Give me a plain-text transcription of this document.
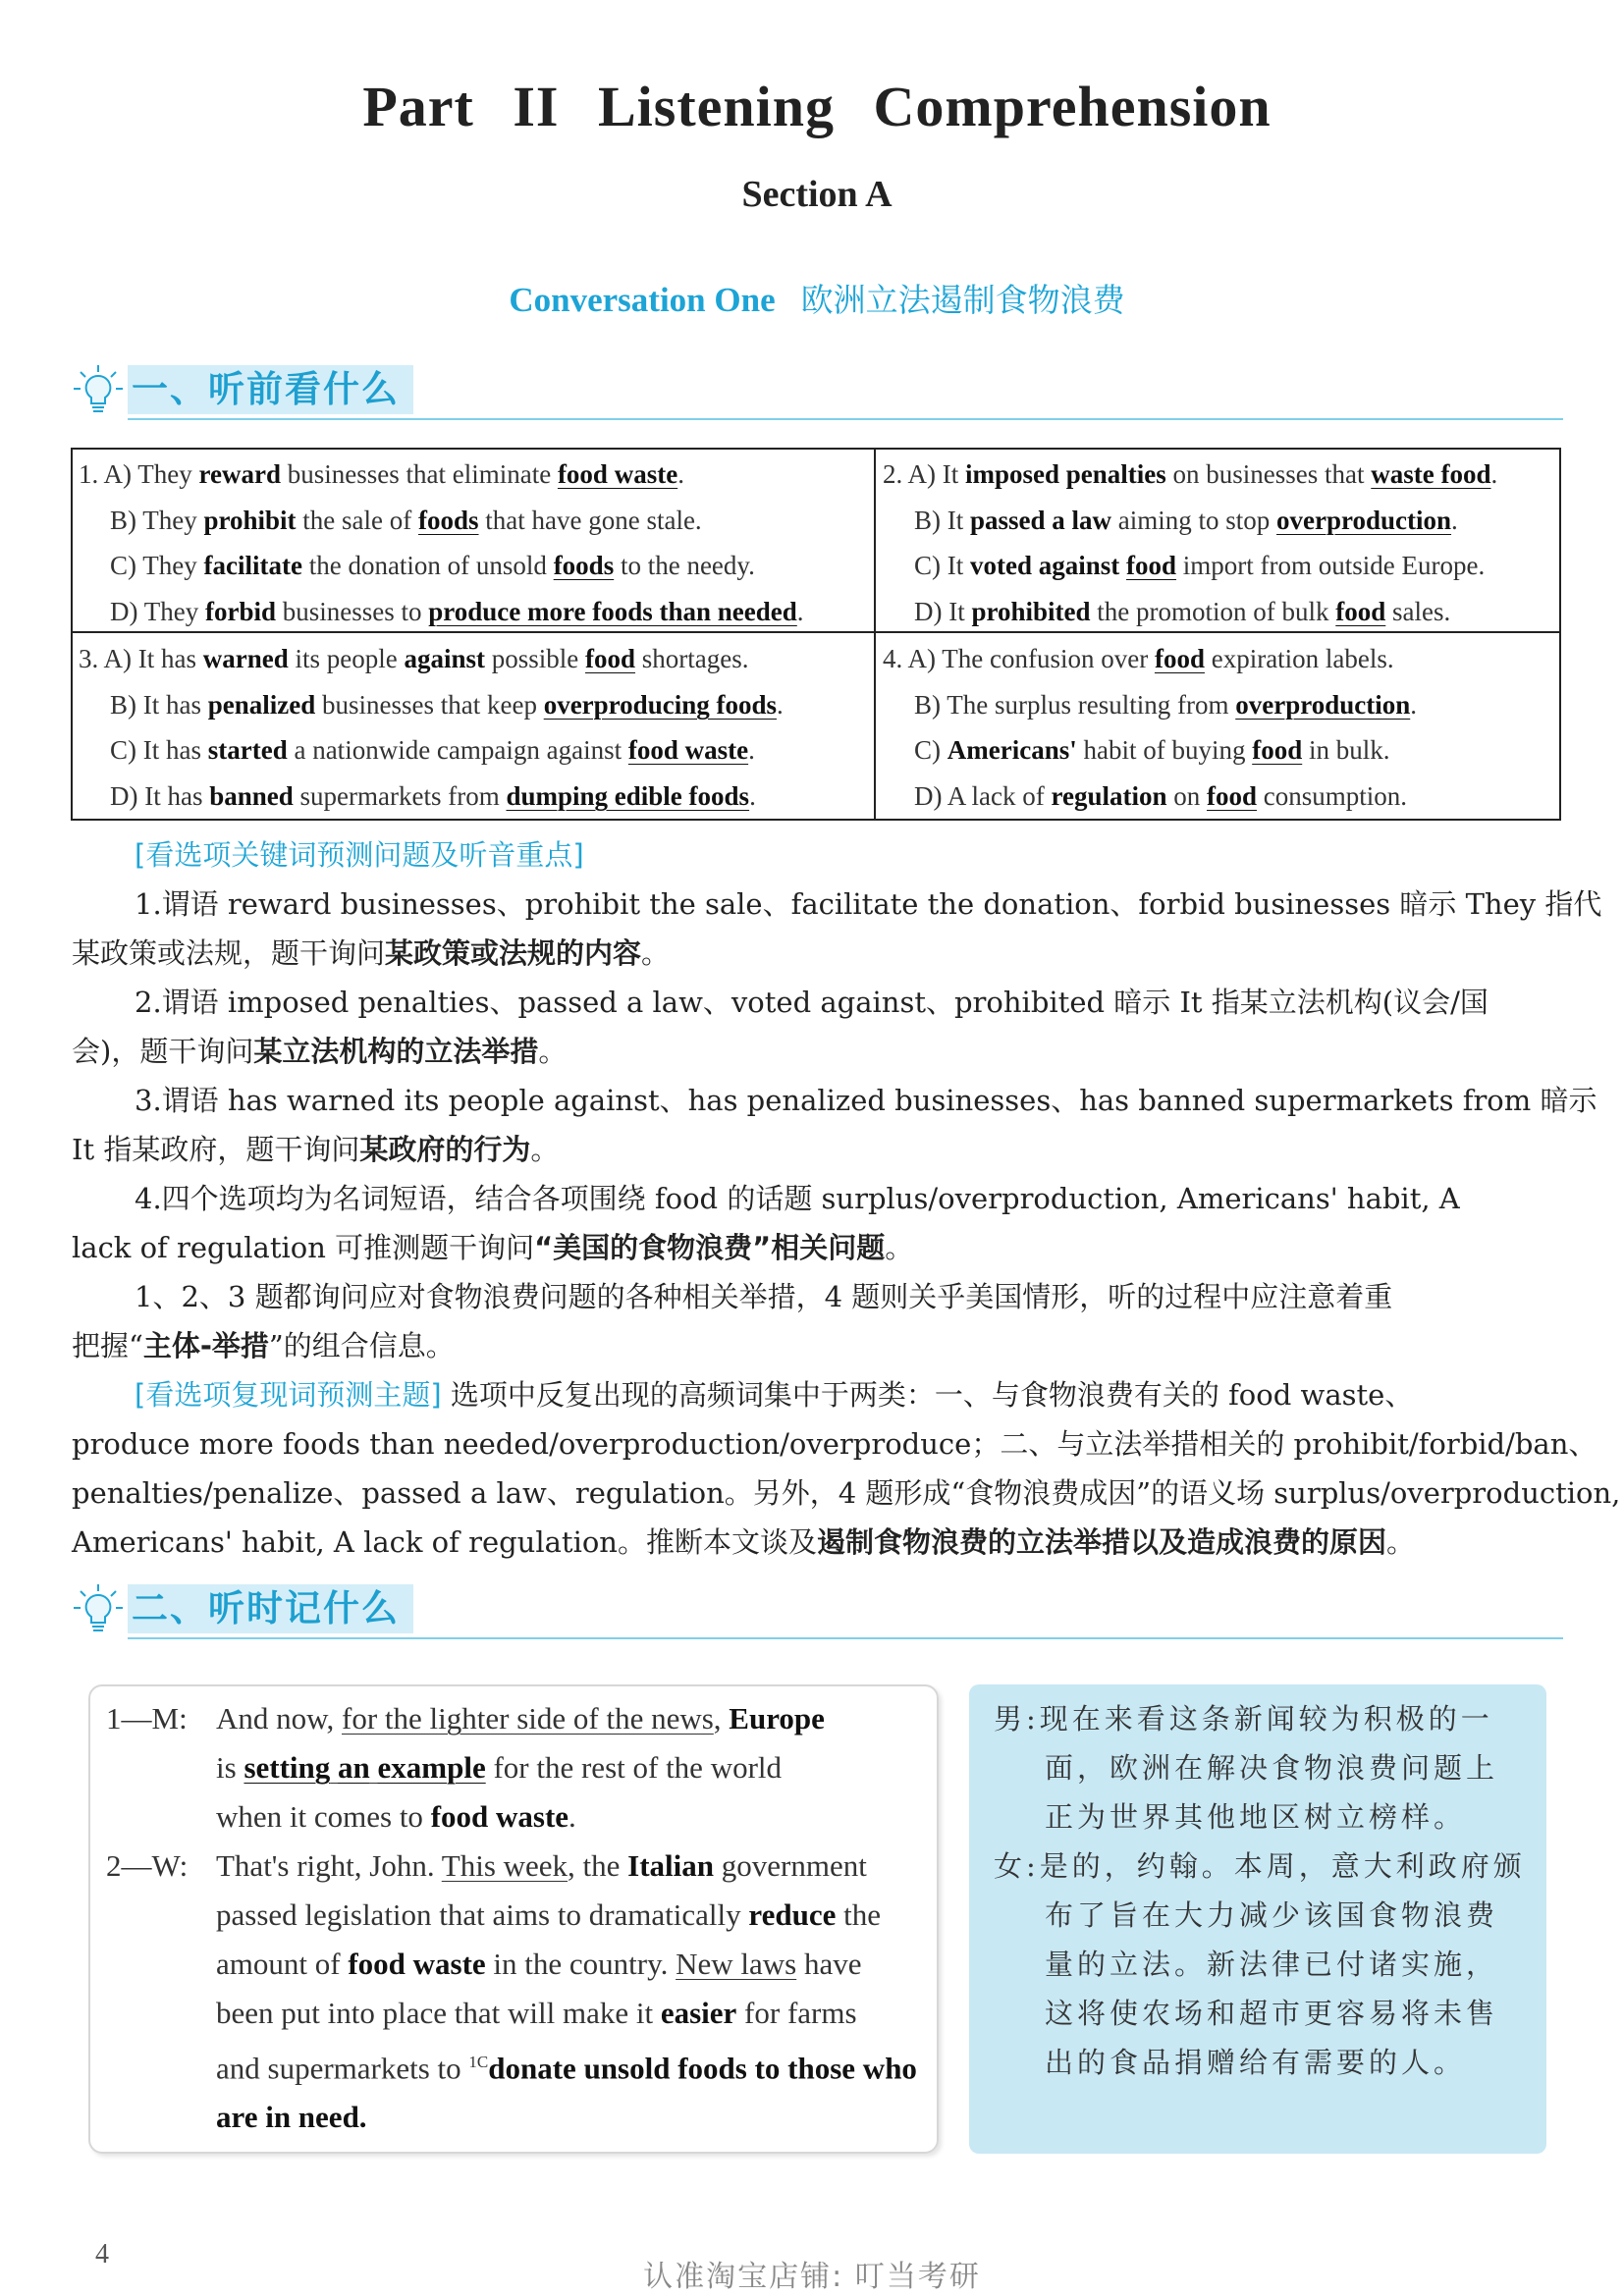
Part II Listening Comprehension
Section A
Conversation One 欧洲立法遏制食物浪费
一、听前看什么
1. A) They reward businesses that eliminate food waste.
B) They prohibit the sale of foods that have gone stale.
C) They facilitate the donation of unsold foods to the needy.
D) They forbid businesses to produce more foods than needed.
2. A) It imposed penalties on businesses that waste food.
B) It passed a law aiming to stop overproduction.
C) It voted against food import from outside Europe.
D) It prohibited the promotion of bulk food sales.
3. A) It has warned its people against possible food shortages.
B) It has penalized businesses that keep overproducing foods.
C) It has started a nationwide campaign against food waste.
D) It has banned supermarkets from dumping edible foods.
4. A) The confusion over food expiration labels.
B) The surplus resulting from overproduction.
C) Americans' habit of buying food in bulk.
D) A lack of regulation on food consumption.
[看选项关键词预测问题及听音重点]
1.谓语 reward businesses、prohibit the sale、facilitate the donation、forbid businesses 暗示 They 指代
某政策或法规，题干询问某政策或法规的内容。
2.谓语 imposed penalties、passed a law、voted against、prohibited 暗示 It 指某立法机构(议会/国
会)，题干询问某立法机构的立法举措。
3.谓语 has warned its people against、has penalized businesses、has banned supermarkets from 暗示
It 指某政府，题干询问某政府的行为。
4.四个选项均为名词短语，结合各项围绕 food 的话题 surplus/overproduction, Americans' habit, A
lack of regulation 可推测题干询问“美国的食物浪费”相关问题。
1、2、3 题都询问应对食物浪费问题的各种相关举措，4 题则关乎美国情形，听的过程中应注意着重
把握“主体-举措”的组合信息。
[看选项复现词预测主题] 选项中反复出现的高频词集中于两类：一、与食物浪费有关的 food waste、
produce more foods than needed/overproduction/overproduce；二、与立法举措相关的 prohibit/forbid/ban、
penalties/penalize、passed a law、regulation。另外，4 题形成“食物浪费成因”的语义场 surplus/overproduction,
Americans' habit, A lack of regulation。推断本文谈及遏制食物浪费的立法举措以及造成浪费的原因。
二、听时记什么
1—M: And now, for the lighter side of the news, Europe
is setting an example for the rest of the world
when it comes to food waste.
That's right, John. This week, the Italian government
passed legislation that aims to dramatically reduce the
amount of food waste in the country. New laws have
been put into place that will make it easier for farms
and supermarkets to $^{1C}$donate unsold foods to those who
are in need.
2—W:
男:现在来看这条新闻较为积极的一
面，欧洲在解决食物浪费问题上
正为世界其他地区树立榜样。
女:是的，约翰。本周，意大利政府颁
布了旨在大力减少该国食物浪费
量的立法。新法律已付诸实施，
这将使农场和超市更容易将未售
出的食品捐赠给有需要的人。
4
认准淘宝店铺: 叮当考研
